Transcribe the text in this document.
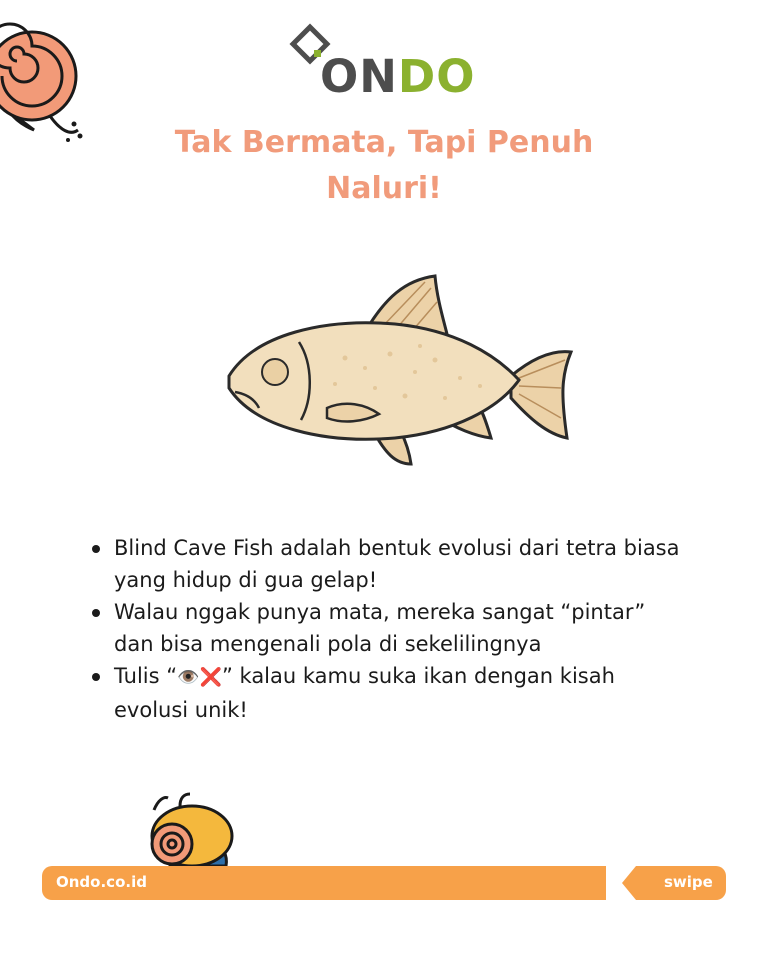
ONDO
Tak Bermata, Tapi Penuh
Naluri!
Blind Cave Fish adalah bentuk evolusi dari tetra biasa yang hidup di gua gelap!
Walau nggak punya mata, mereka sangat “pintar” dan bisa mengenali pola di sekelilingnya
Tulis “👁️❌” kalau kamu suka ikan dengan kisah evolusi unik!
Ondo.co.id	swipe
